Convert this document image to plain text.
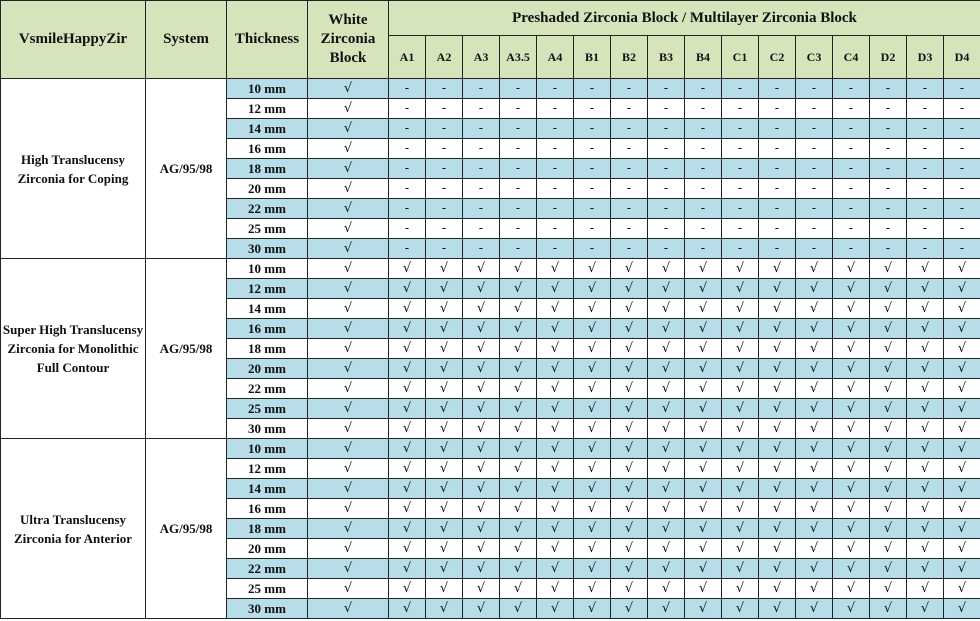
VsmileHappyZir	System	Thickness	White Zirconia Block	Preshaded Zirconia Block / Multilayer Zirconia Block															
				A1	A2	A3	A3.5	A4	B1	B2	B3	B4	C1	C2	C3	C4	D2	D3	D4
High Translucensy Zirconia for Coping	AG/95/98	10 mm	√	-	-	-	-	-	-	-	-	-	-	-	-	-	-	-	-
		12 mm	√	-	-	-	-	-	-	-	-	-	-	-	-	-	-	-	-
		14 mm	√	-	-	-	-	-	-	-	-	-	-	-	-	-	-	-	-
		16 mm	√	-	-	-	-	-	-	-	-	-	-	-	-	-	-	-	-
		18 mm	√	-	-	-	-	-	-	-	-	-	-	-	-	-	-	-	-
		20 mm	√	-	-	-	-	-	-	-	-	-	-	-	-	-	-	-	-
		22 mm	√	-	-	-	-	-	-	-	-	-	-	-	-	-	-	-	-
		25 mm	√	-	-	-	-	-	-	-	-	-	-	-	-	-	-	-	-
		30 mm	√	-	-	-	-	-	-	-	-	-	-	-	-	-	-	-	-
Super High Translucensy Zirconia for Monolithic Full Contour	AG/95/98	10 mm	√	√	√	√	√	√	√	√	√	√	√	√	√	√	√	√	√
		12 mm	√	√	√	√	√	√	√	√	√	√	√	√	√	√	√	√	√
		14 mm	√	√	√	√	√	√	√	√	√	√	√	√	√	√	√	√	√
		16 mm	√	√	√	√	√	√	√	√	√	√	√	√	√	√	√	√	√
		18 mm	√	√	√	√	√	√	√	√	√	√	√	√	√	√	√	√	√
		20 mm	√	√	√	√	√	√	√	√	√	√	√	√	√	√	√	√	√
		22 mm	√	√	√	√	√	√	√	√	√	√	√	√	√	√	√	√	√
		25 mm	√	√	√	√	√	√	√	√	√	√	√	√	√	√	√	√	√
		30 mm	√	√	√	√	√	√	√	√	√	√	√	√	√	√	√	√	√
Ultra Translucensy Zirconia for Anterior	AG/95/98	10 mm	√	√	√	√	√	√	√	√	√	√	√	√	√	√	√	√	√
		12 mm	√	√	√	√	√	√	√	√	√	√	√	√	√	√	√	√	√
		14 mm	√	√	√	√	√	√	√	√	√	√	√	√	√	√	√	√	√
		16 mm	√	√	√	√	√	√	√	√	√	√	√	√	√	√	√	√	√
		18 mm	√	√	√	√	√	√	√	√	√	√	√	√	√	√	√	√	√
		20 mm	√	√	√	√	√	√	√	√	√	√	√	√	√	√	√	√	√
		22 mm	√	√	√	√	√	√	√	√	√	√	√	√	√	√	√	√	√
		25 mm	√	√	√	√	√	√	√	√	√	√	√	√	√	√	√	√	√
		30 mm	√	√	√	√	√	√	√	√	√	√	√	√	√	√	√	√	√
